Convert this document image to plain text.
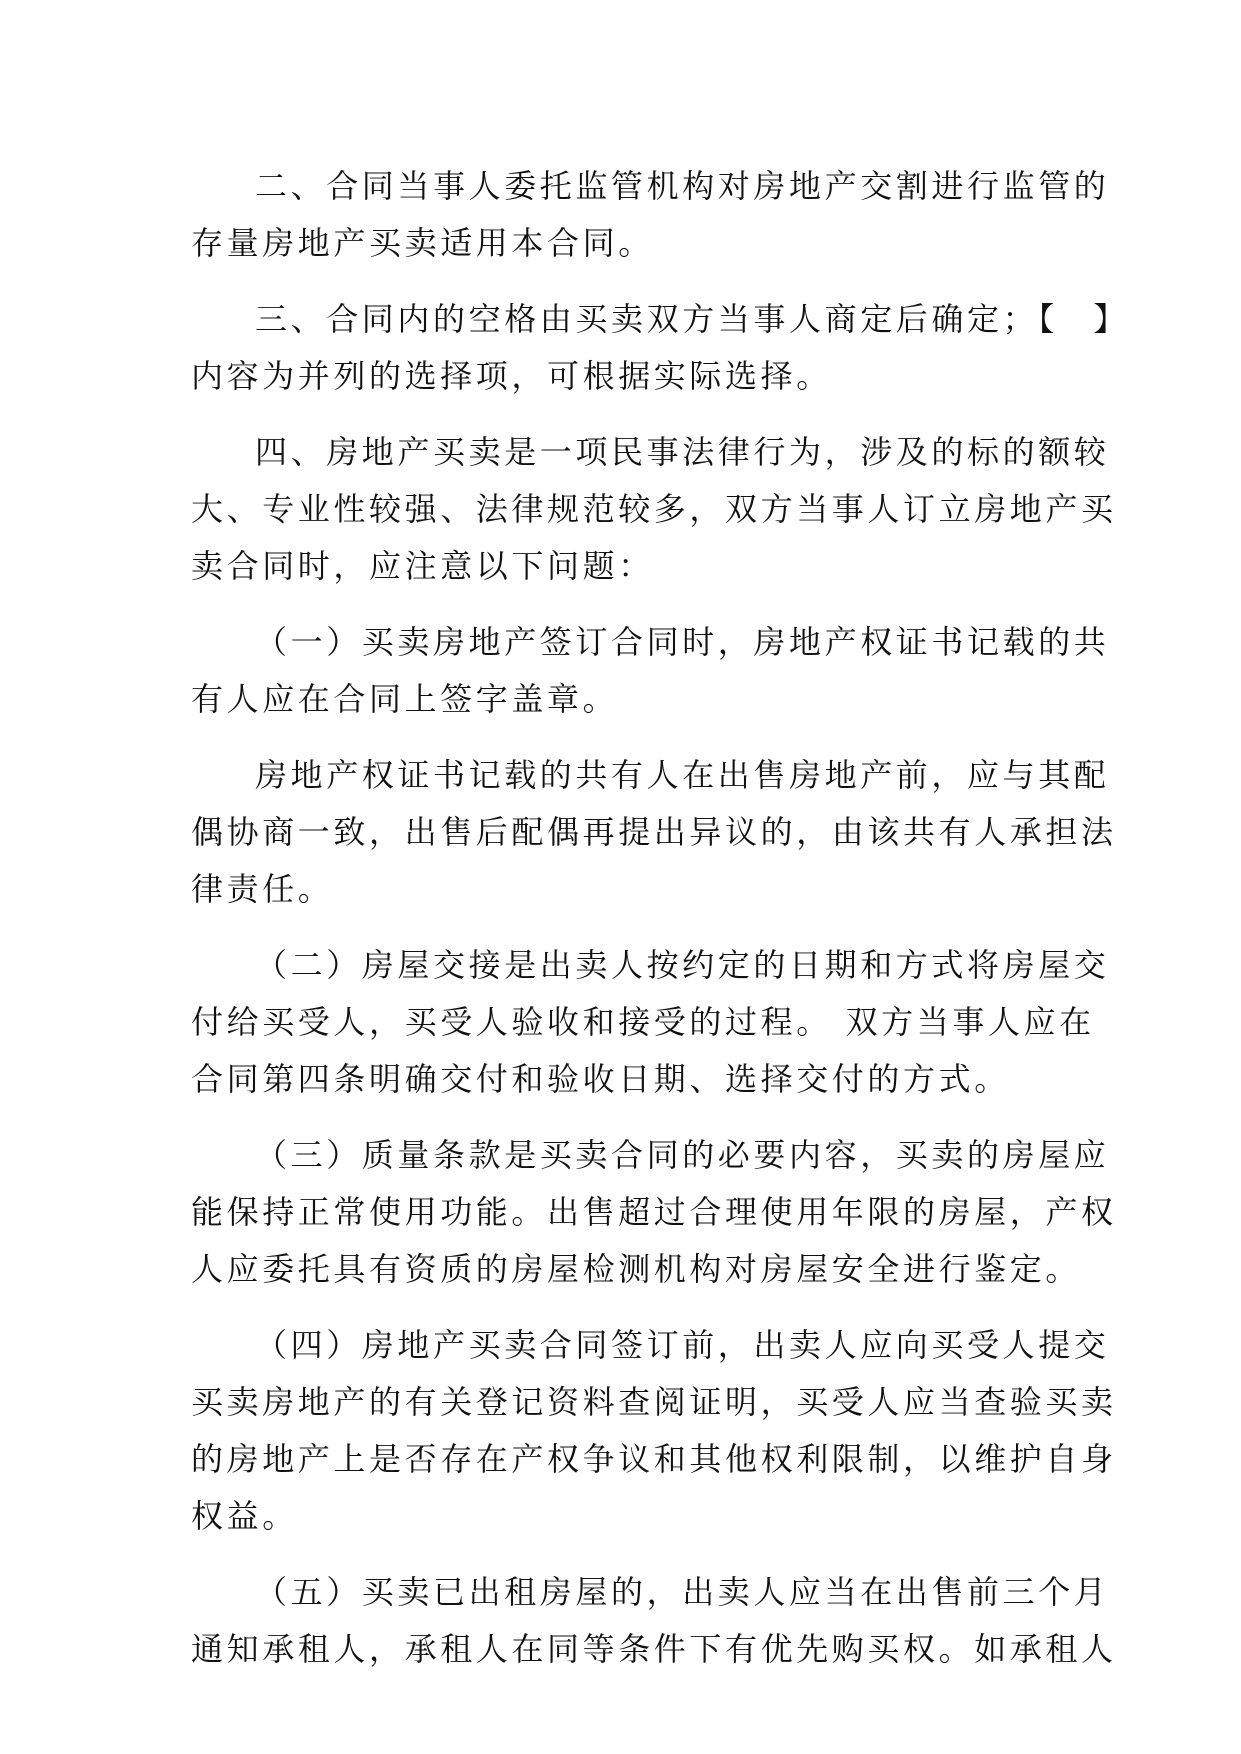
二、合同当事人委托监管机构对房地产交割进行监管的
存量房地产买卖适用本合同。
三、合同内的空格由买卖双方当事人商定后确定；【　】
内容为并列的选择项，可根据实际选择。
四、房地产买卖是一项民事法律行为，涉及的标的额较
大、专业性较强、法律规范较多，双方当事人订立房地产买
卖合同时，应注意以下问题：
（一）买卖房地产签订合同时，房地产权证书记载的共
有人应在合同上签字盖章。
房地产权证书记载的共有人在出售房地产前，应与其配
偶协商一致，出售后配偶再提出异议的，由该共有人承担法
律责任。
（二）房屋交接是出卖人按约定的日期和方式将房屋交
付给买受人，买受人验收和接受的过程。 双方当事人应在
合同第四条明确交付和验收日期、选择交付的方式。
（三）质量条款是买卖合同的必要内容，买卖的房屋应
能保持正常使用功能。出售超过合理使用年限的房屋，产权
人应委托具有资质的房屋检测机构对房屋安全进行鉴定。
（四）房地产买卖合同签订前，出卖人应向买受人提交
买卖房地产的有关登记资料查阅证明，买受人应当查验买卖
的房地产上是否存在产权争议和其他权利限制，以维护自身
权益。
（五）买卖已出租房屋的，出卖人应当在出售前三个月
通知承租人，承租人在同等条件下有优先购买权。如承租人
